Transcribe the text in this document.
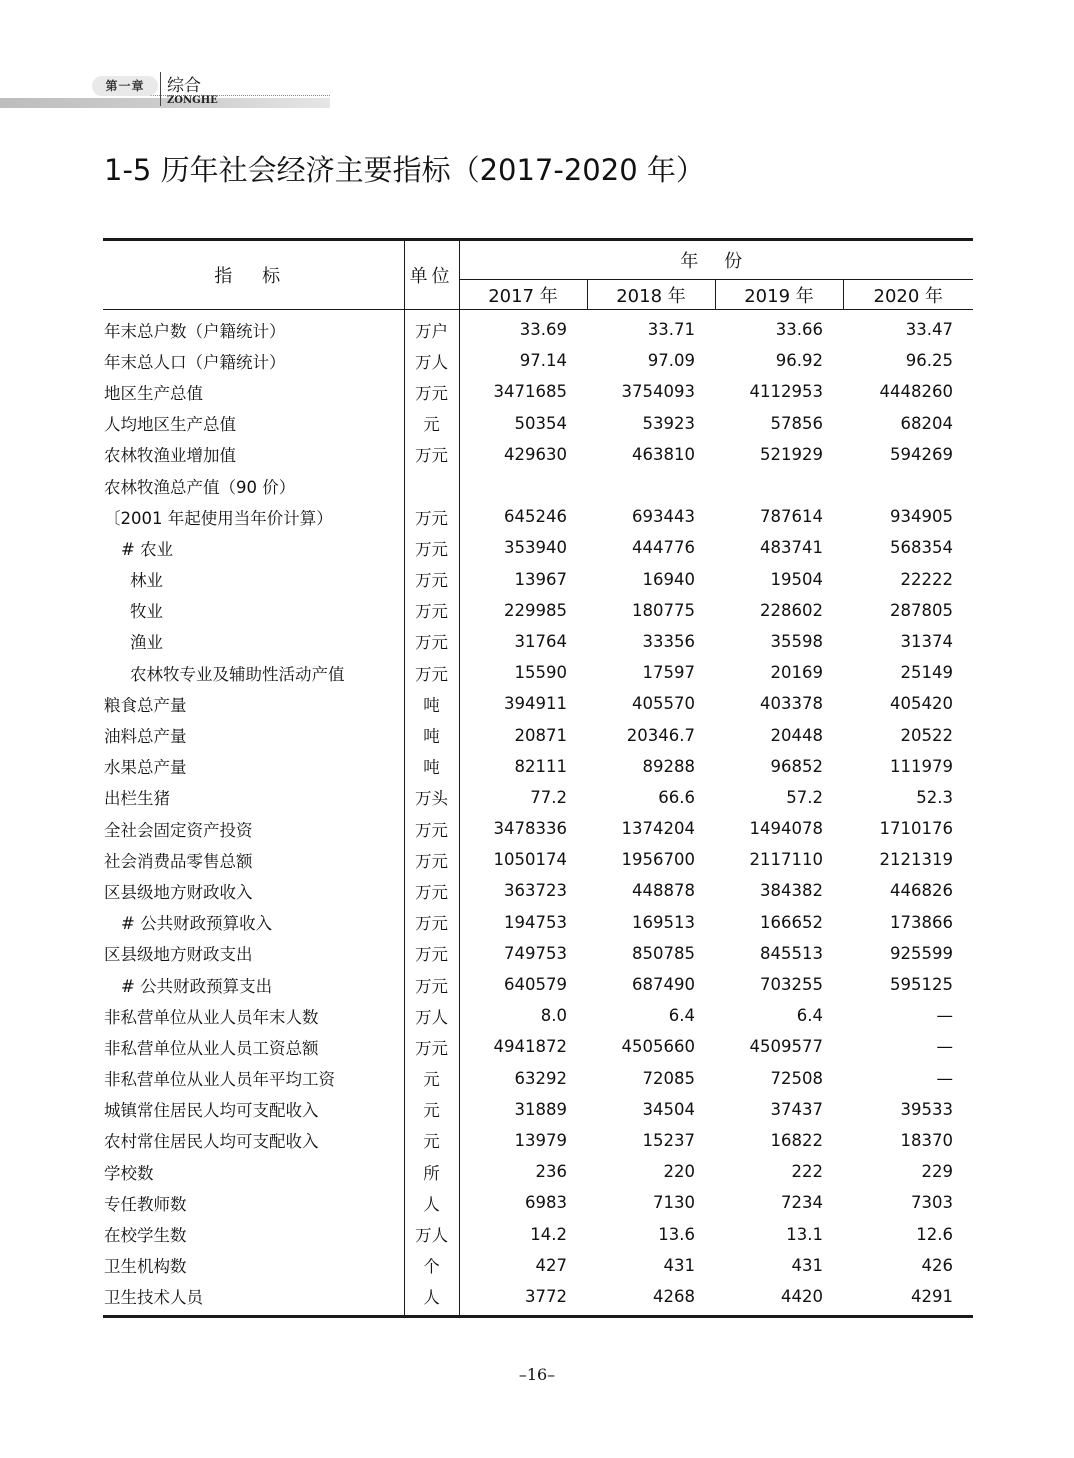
第一章	综合
ZONGHE
1-5 历年社会经济主要指标（2017-2020 年）
指 标	单位	年 份			
		2017 年	2018 年	2019 年	2020 年
年末总户数（户籍统计）	万户	33.69	33.71	33.66	33.47
年末总人口（户籍统计）	万人	97.14	97.09	96.92	96.25
地区生产总值	万元	3471685	3754093	4112953	4448260
人均地区生产总值	元	50354	53923	57856	68204
农林牧渔业增加值	万元	429630	463810	521929	594269
农林牧渔总产值（90 价）					
〔2001 年起使用当年价计算）	万元	645246	693443	787614	934905
# 农业	万元	353940	444776	483741	568354
林业	万元	13967	16940	19504	22222
牧业	万元	229985	180775	228602	287805
渔业	万元	31764	33356	35598	31374
农林牧专业及辅助性活动产值	万元	15590	17597	20169	25149
粮食总产量	吨	394911	405570	403378	405420
油料总产量	吨	20871	20346.7	20448	20522
水果总产量	吨	82111	89288	96852	111979
出栏生猪	万头	77.2	66.6	57.2	52.3
全社会固定资产投资	万元	3478336	1374204	1494078	1710176
社会消费品零售总额	万元	1050174	1956700	2117110	2121319
区县级地方财政收入	万元	363723	448878	384382	446826
# 公共财政预算收入	万元	194753	169513	166652	173866
区县级地方财政支出	万元	749753	850785	845513	925599
# 公共财政预算支出	万元	640579	687490	703255	595125
非私营单位从业人员年末人数	万人	8.0	6.4	6.4	—
非私营单位从业人员工资总额	万元	4941872	4505660	4509577	—
非私营单位从业人员年平均工资	元	63292	72085	72508	—
城镇常住居民人均可支配收入	元	31889	34504	37437	39533
农村常住居民人均可支配收入	元	13979	15237	16822	18370
学校数	所	236	220	222	229
专任教师数	人	6983	7130	7234	7303
在校学生数	万人	14.2	13.6	13.1	12.6
卫生机构数	个	427	431	431	426
卫生技术人员	人	3772	4268	4420	4291
–16–
